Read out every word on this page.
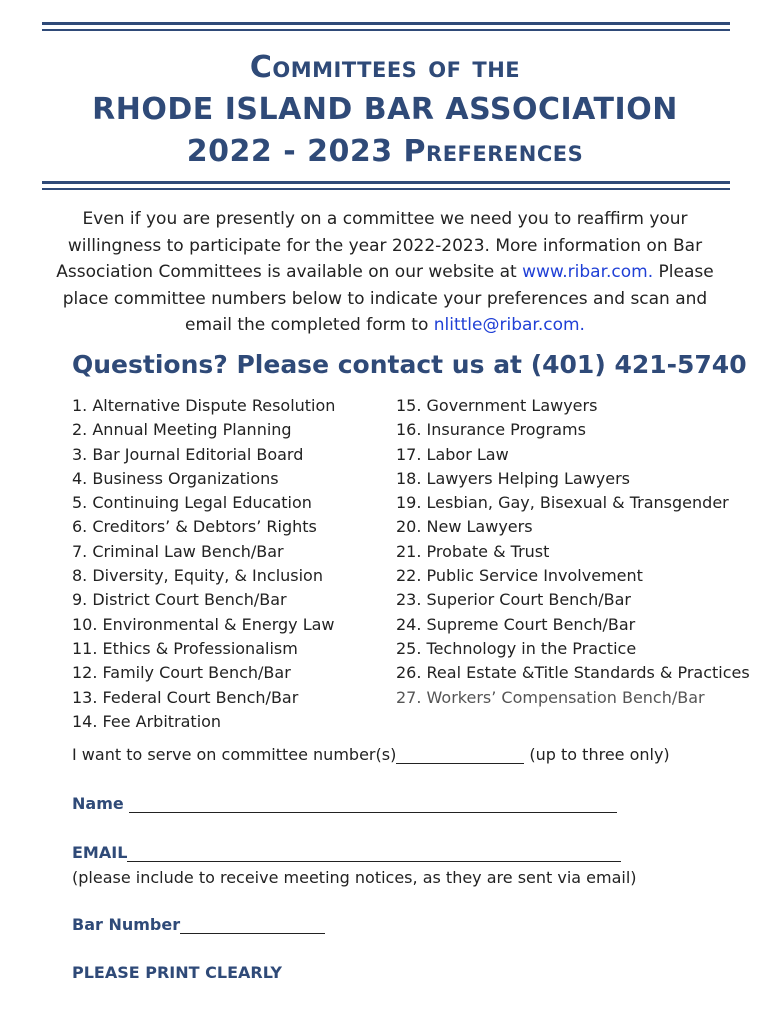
Committees of the
RHODE ISLAND BAR ASSOCIATION
2022 - 2023 Preferences
Even if you are presently on a committee we need you to reaffirm your willingness to participate for the year 2022-2023. More information on Bar Association Committees is available on our website at www.ribar.com. Please place committee numbers below to indicate your preferences and scan and email the completed form to nlittle@ribar.com.
Questions? Please contact us at (401) 421-5740
1. Alternative Dispute Resolution
2. Annual Meeting Planning
3. Bar Journal Editorial Board
4. Business Organizations
5. Continuing Legal Education
6. Creditors’ & Debtors’ Rights
7. Criminal Law Bench/Bar
8. Diversity, Equity, & Inclusion
9. District Court Bench/Bar
10. Environmental & Energy Law
11. Ethics & Professionalism
12. Family Court Bench/Bar
13. Federal Court Bench/Bar
14. Fee Arbitration
15. Government Lawyers
16. Insurance Programs
17. Labor Law
18. Lawyers Helping Lawyers
19. Lesbian, Gay, Bisexual & Transgender
20. New Lawyers
21. Probate & Trust
22. Public Service Involvement
23. Superior Court Bench/Bar
24. Supreme Court Bench/Bar
25. Technology in the Practice
26. Real Estate &Title Standards & Practices
27. Workers’ Compensation Bench/Bar
I want to serve on committee number(s)	(up to three only)
Name
EMAIL
(please include to receive meeting notices, as they are sent via email)
Bar Number
PLEASE PRINT CLEARLY
